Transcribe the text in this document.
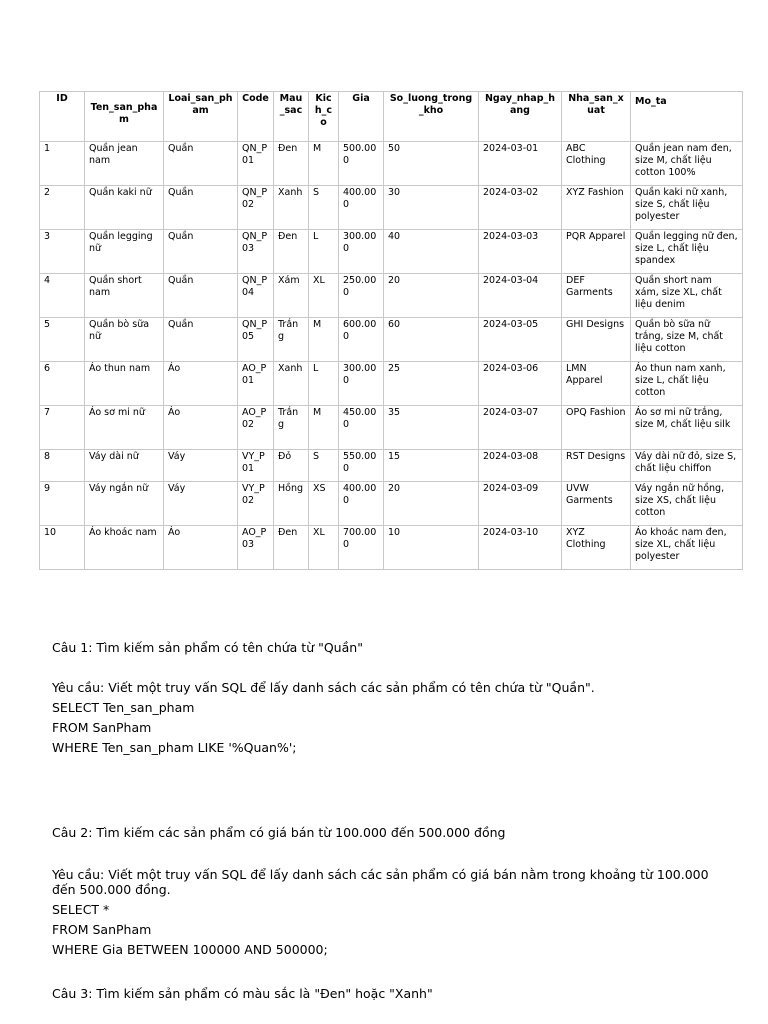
ID	Ten_san_pham	Loai_san_pham	Code	Mau_sac	Kich_co	Gia	So_luong_trong_kho	Ngay_nhap_hang	Nha_san_xuat	Mo_ta
1	Quần jean nam	Quần	QN_P01	Đen	M	500.000	50	2024-03-01	ABC Clothing	Quần jean nam đen, size M, chất liệu cotton 100%
2	Quần kaki nữ	Quần	QN_P02	Xanh	S	400.000	30	2024-03-02	XYZ Fashion	Quần kaki nữ xanh, size S, chất liệu polyester
3	Quần legging nữ	Quần	QN_P03	Đen	L	300.000	40	2024-03-03	PQR Apparel	Quần legging nữ đen, size L, chất liệu spandex
4	Quần short nam	Quần	QN_P04	Xám	XL	250.000	20	2024-03-04	DEF Garments	Quần short nam xám, size XL, chất liệu denim
5	Quần bò sữa nữ	Quần	QN_P05	Trắng	M	600.000	60	2024-03-05	GHI Designs	Quần bò sữa nữ trắng, size M, chất liệu cotton
6	Áo thun nam	Áo	AO_P01	Xanh	L	300.000	25	2024-03-06	LMN Apparel	Áo thun nam xanh, size L, chất liệu cotton
7	Áo sơ mi nữ	Áo	AO_P02	Trắng	M	450.000	35	2024-03-07	OPQ Fashion	Áo sơ mi nữ trắng, size M, chất liệu silk
8	Váy dài nữ	Váy	VY_P01	Đỏ	S	550.000	15	2024-03-08	RST Designs	Váy dài nữ đỏ, size S, chất liệu chiffon
9	Váy ngắn nữ	Váy	VY_P02	Hồng	XS	400.000	20	2024-03-09	UVW Garments	Váy ngắn nữ hồng, size XS, chất liệu cotton
10	Áo khoác nam	Áo	AO_P03	Đen	XL	700.000	10	2024-03-10	XYZ Clothing	Áo khoác nam đen, size XL, chất liệu polyester

Câu 1: Tìm kiếm sản phẩm có tên chứa từ "Quần"

Yêu cầu: Viết một truy vấn SQL để lấy danh sách các sản phẩm có tên chứa từ "Quần".

SELECT Ten_san_pham

FROM SanPham

WHERE Ten_san_pham LIKE '%Quan%';

Câu 2: Tìm kiếm các sản phẩm có giá bán từ 100.000 đến 500.000 đồng

Yêu cầu: Viết một truy vấn SQL để lấy danh sách các sản phẩm có giá bán nằm trong khoảng từ 100.000 đến 500.000 đồng.

SELECT *

FROM SanPham

WHERE Gia BETWEEN 100000 AND 500000;

Câu 3: Tìm kiếm sản phẩm có màu sắc là "Đen" hoặc "Xanh"
